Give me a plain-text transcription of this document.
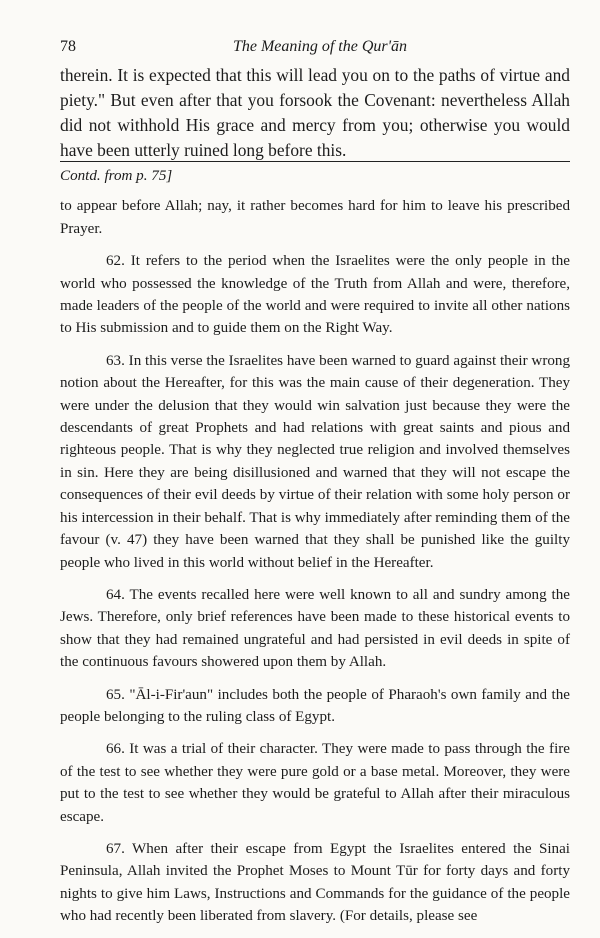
78	The Meaning of the Qur'ān

therein. It is expected that this will lead you on to the paths of virtue and piety." But even after that you forsook the Covenant: nevertheless Allah did not withhold His grace and mercy from you; otherwise you would have been utterly ruined long before this.

Contd. from p. 75]

to appear before Allah; nay, it rather becomes hard for him to leave his prescribed Prayer.

62. It refers to the period when the Israelites were the only people in the world who possessed the knowledge of the Truth from Allah and were, therefore, made leaders of the people of the world and were required to invite all other nations to His submission and to guide them on the Right Way.

63. In this verse the Israelites have been warned to guard against their wrong notion about the Hereafter, for this was the main cause of their degeneration. They were under the delusion that they would win salvation just because they were the descendants of great Prophets and had relations with great saints and pious and righteous people. That is why they neglected true religion and involved themselves in sin. Here they are being disillusioned and warned that they will not escape the consequences of their evil deeds by virtue of their relation with some holy person or his intercession in their behalf. That is why immediately after reminding them of the favour (v. 47) they have been warned that they shall be punished like the guilty people who lived in this world without belief in the Hereafter.

64. The events recalled here were well known to all and sundry among the Jews. Therefore, only brief references have been made to these historical events to show that they had remained ungrateful and had persisted in evil deeds in spite of the continuous favours showered upon them by Allah.

65. "Āl-i-Fir'aun" includes both the people of Pharaoh's own family and the people belonging to the ruling class of Egypt.

66. It was a trial of their character. They were made to pass through the fire of the test to see whether they were pure gold or a base metal. Moreover, they were put to the test to see whether they would be grateful to Allah after their miraculous escape.

67. When after their escape from Egypt the Israelites entered the Sinai Peninsula, Allah invited the Prophet Moses to Mount Tūr for forty days and forty nights to give him Laws, Instructions and Commands for the guidance of the people who had recently been liberated from slavery. (For details, please see
